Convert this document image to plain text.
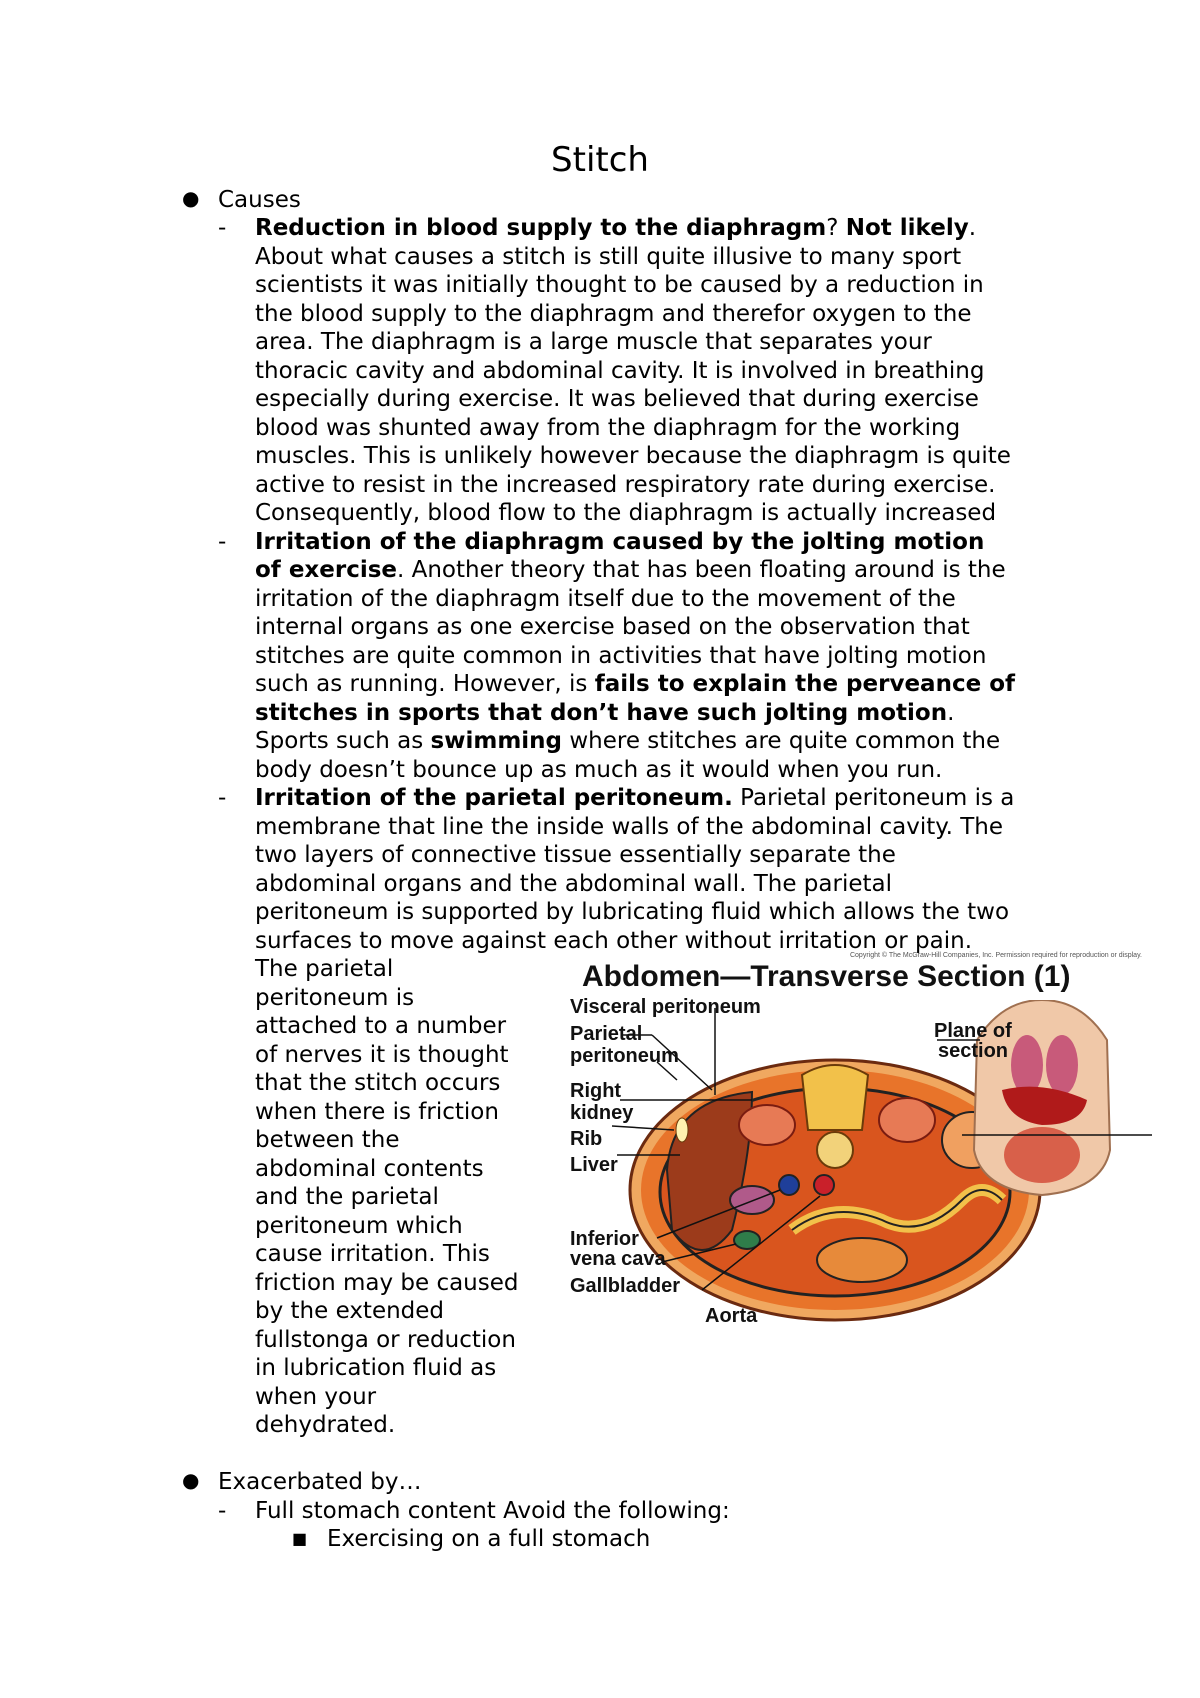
Stitch
● Causes
- Reduction in blood supply to the diaphragm? Not likely.
About what causes a stitch is still quite illusive to many sport
scientists it was initially thought to be caused by a reduction in
the blood supply to the diaphragm and therefor oxygen to the
area. The diaphragm is a large muscle that separates your
thoracic cavity and abdominal cavity. It is involved in breathing
especially during exercise. It was believed that during exercise
blood was shunted away from the diaphragm for the working
muscles. This is unlikely however because the diaphragm is quite
active to resist in the increased respiratory rate during exercise.
Consequently, blood flow to the diaphragm is actually increased
- Irritation of the diaphragm caused by the jolting motion
of exercise. Another theory that has been floating around is the
irritation of the diaphragm itself due to the movement of the
internal organs as one exercise based on the observation that
stitches are quite common in activities that have jolting motion
such as running. However, is fails to explain the perveance of
stitches in sports that don’t have such jolting motion.
Sports such as swimming where stitches are quite common the
body doesn’t bounce up as much as it would when you run.
- Irritation of the parietal peritoneum. Parietal peritoneum is a
membrane that line the inside walls of the abdominal cavity. The
two layers of connective tissue essentially separate the
abdominal organs and the abdominal wall. The parietal
peritoneum is supported by lubricating fluid which allows the two
surfaces to move against each other without irritation or pain.
The parietal
peritoneum is
attached to a number
of nerves it is thought
that the stitch occurs
when there is friction
between the
abdominal contents
and the parietal
peritoneum which
cause irritation. This
friction may be caused
by the extended
fullstonga or reduction
in lubrication fluid as
when your
dehydrated.
Copyright © The McGraw-Hill Companies, Inc. Permission required for reproduction or display.
Abdomen—Transverse Section (1)
Visceral peritoneum
Parietal
peritoneum
Right
kidney
Rib
Liver
Inferior
vena cava
Gallbladder
Aorta
Plane of
section
● Exacerbated by…
- Full stomach content Avoid the following:
■ Exercising on a full stomach
